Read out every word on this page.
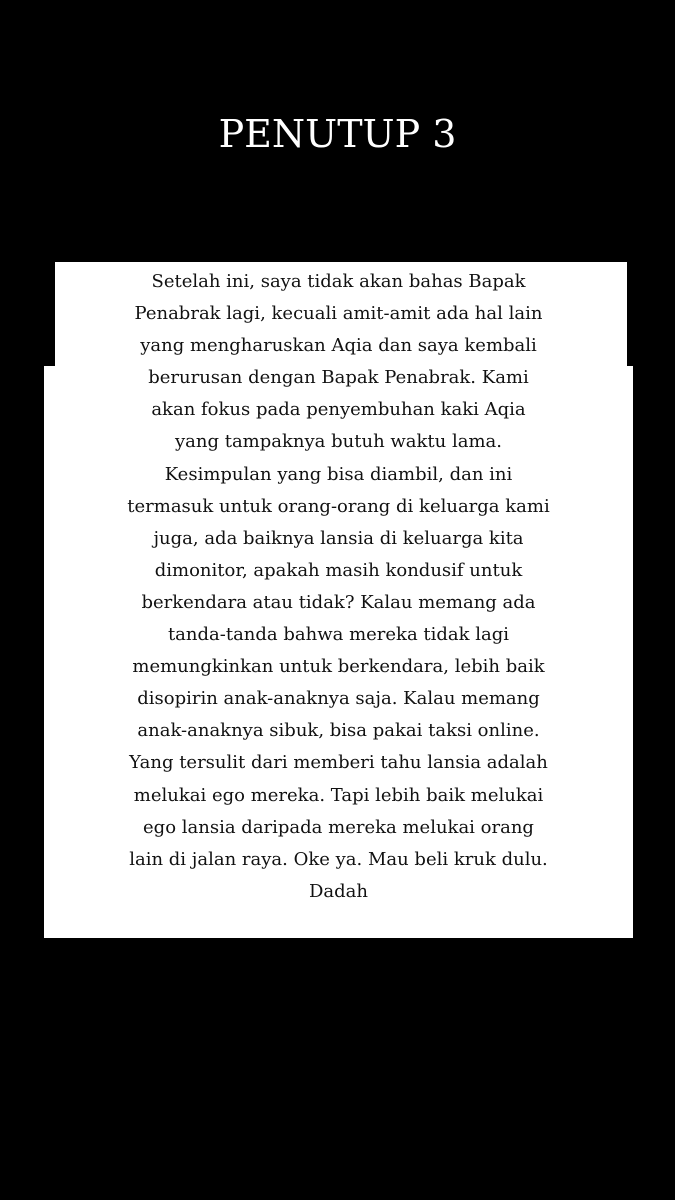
PENUTUP 3
Setelah ini, saya tidak akan bahas Bapak
Penabrak lagi, kecuali amit-amit ada hal lain
yang mengharuskan Aqia dan saya kembali
berurusan dengan Bapak Penabrak. Kami
akan fokus pada penyembuhan kaki Aqia
yang tampaknya butuh waktu lama.
Kesimpulan yang bisa diambil, dan ini
termasuk untuk orang-orang di keluarga kami
juga, ada baiknya lansia di keluarga kita
dimonitor, apakah masih kondusif untuk
berkendara atau tidak? Kalau memang ada
tanda-tanda bahwa mereka tidak lagi
memungkinkan untuk berkendara, lebih baik
disopirin anak-anaknya saja. Kalau memang
anak-anaknya sibuk, bisa pakai taksi online.
Yang tersulit dari memberi tahu lansia adalah
melukai ego mereka. Tapi lebih baik melukai
ego lansia daripada mereka melukai orang
lain di jalan raya. Oke ya. Mau beli kruk dulu.
Dadah
